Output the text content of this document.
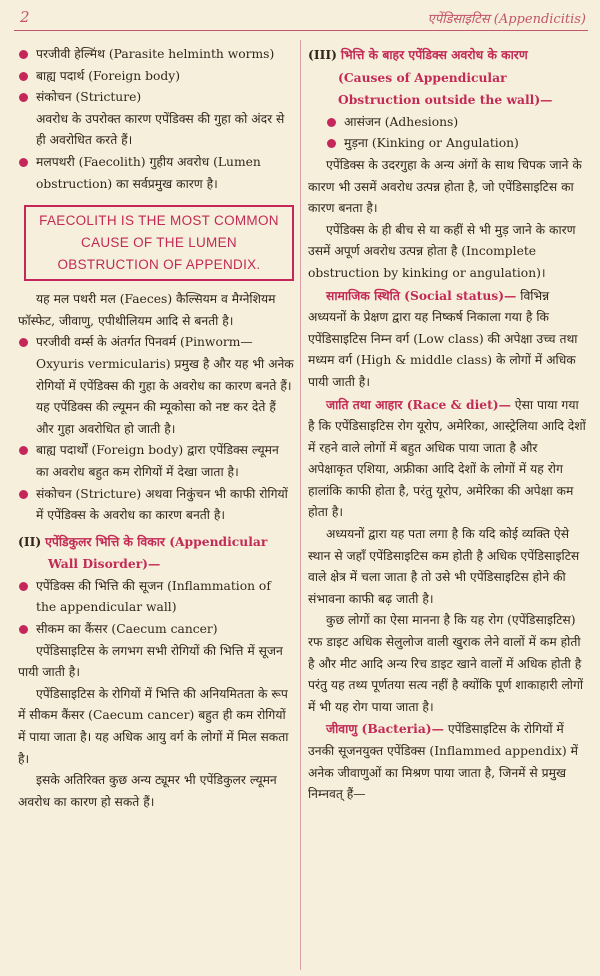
2	एपेंडिसाइटिस (Appendicitis)

परजीवी हेल्मिंथ (Parasite helminth worms)

बाह्य पदार्थ (Foreign body)

संकोचन (Stricture)

अवरोध के उपरोक्त कारण एपेंडिक्स की गुहा को अंदर से ही अवरोधित करते हैं।

मलपथरी (Faecolith) गुहीय अवरोध (Lumen obstruction) का सर्वप्रमुख कारण है।

FAECOLITH IS THE MOST COMMON CAUSE OF THE LUMEN OBSTRUCTION OF APPENDIX.

यह मल पथरी मल (Faeces) कैल्सियम व मैग्नेशियम फॉस्फेट, जीवाणु, एपीथीलियम आदि से बनती है।

परजीवी वर्म्स के अंतर्गत पिनवर्म (Pinworm—Oxyuris vermicularis) प्रमुख है और यह भी अनेक रोगियों में एपेंडिक्स की गुहा के अवरोध का कारण बनते हैं। यह एपेंडिक्स की ल्यूमन की म्यूकोसा को नष्ट कर देते हैं और गुहा अवरोधित हो जाती है।

बाह्य पदार्थों (Foreign body) द्वारा एपेंडिक्स ल्यूमन का अवरोध बहुत कम रोगियों में देखा जाता है।

संकोचन (Stricture) अथवा निकुंचन भी काफी रोगियों में एपेंडिक्स के अवरोध का कारण बनती है।

(II) एपेंडिकुलर भित्ति के विकार (Appendicular Wall Disorder)—

एपेंडिक्स की भित्ति की सूजन (Inflammation of the appendicular wall)

सीकम का कैंसर (Caecum cancer)

एपेंडिसाइटिस के लगभग सभी रोगियों की भित्ति में सूजन पायी जाती है।

एपेंडिसाइटिस के रोगियों में भित्ति की अनियमितता के रूप में सीकम कैंसर (Caecum cancer) बहुत ही कम रोगियों में पाया जाता है। यह अधिक आयु वर्ग के लोगों में मिल सकता है।

इसके अतिरिक्त कुछ अन्य ट्यूमर भी एपेंडिकुलर ल्यूमन अवरोध का कारण हो सकते हैं।

(III) भित्ति के बाहर एपेंडिक्स अवरोध के कारण (Causes of Appendicular Obstruction outside the wall)—

आसंजन (Adhesions)

मुड़ना (Kinking or Angulation)

एपेंडिक्स के उदरगुहा के अन्य अंगों के साथ चिपक जाने के कारण भी उसमें अवरोध उत्पन्न होता है, जो एपेंडिसाइटिस का कारण बनता है।

एपेंडिक्स के ही बीच से या कहीं से भी मुड़ जाने के कारण उसमें अपूर्ण अवरोध उत्पन्न होता है (Incomplete obstruction by kinking or angulation)।

सामाजिक स्थिति (Social status)— विभिन्न अध्ययनों के प्रेक्षण द्वारा यह निष्कर्ष निकाला गया है कि एपेंडिसाइटिस निम्न वर्ग (Low class) की अपेक्षा उच्च तथा मध्यम वर्ग (High & middle class) के लोगों में अधिक पायी जाती है।

जाति तथा आहार (Race & diet)— ऐसा पाया गया है कि एपेंडिसाइटिस रोग यूरोप, अमेरिका, आस्ट्रेलिया आदि देशों में रहने वाले लोगों में बहुत अधिक पाया जाता है और अपेक्षाकृत एशिया, अफ्रीका आदि देशों के लोगों में यह रोग हालांकि काफी होता है, परंतु यूरोप, अमेरिका की अपेक्षा कम होता है।

अध्ययनों द्वारा यह पता लगा है कि यदि कोई व्यक्ति ऐसे स्थान से जहाँ एपेंडिसाइटिस कम होती है अधिक एपेंडिसाइटिस वाले क्षेत्र में चला जाता है तो उसे भी एपेंडिसाइटिस होने की संभावना काफी बढ़ जाती है।

कुछ लोगों का ऐसा मानना है कि यह रोग (एपेंडिसाइटिस) रफ डाइट अधिक सेलुलोज वाली खुराक लेने वालों में कम होती है और मीट आदि अन्य रिच डाइट खाने वालों में अधिक होती है परंतु यह तथ्य पूर्णतया सत्य नहीं है क्योंकि पूर्ण शाकाहारी लोगों में भी यह रोग पाया जाता है।

जीवाणु (Bacteria)— एपेंडिसाइटिस के रोगियों में उनकी सूजनयुक्त एपेंडिक्स (Inflammed appendix) में अनेक जीवाणुओं का मिश्रण पाया जाता है, जिनमें से प्रमुख निम्नवत् हैं—
